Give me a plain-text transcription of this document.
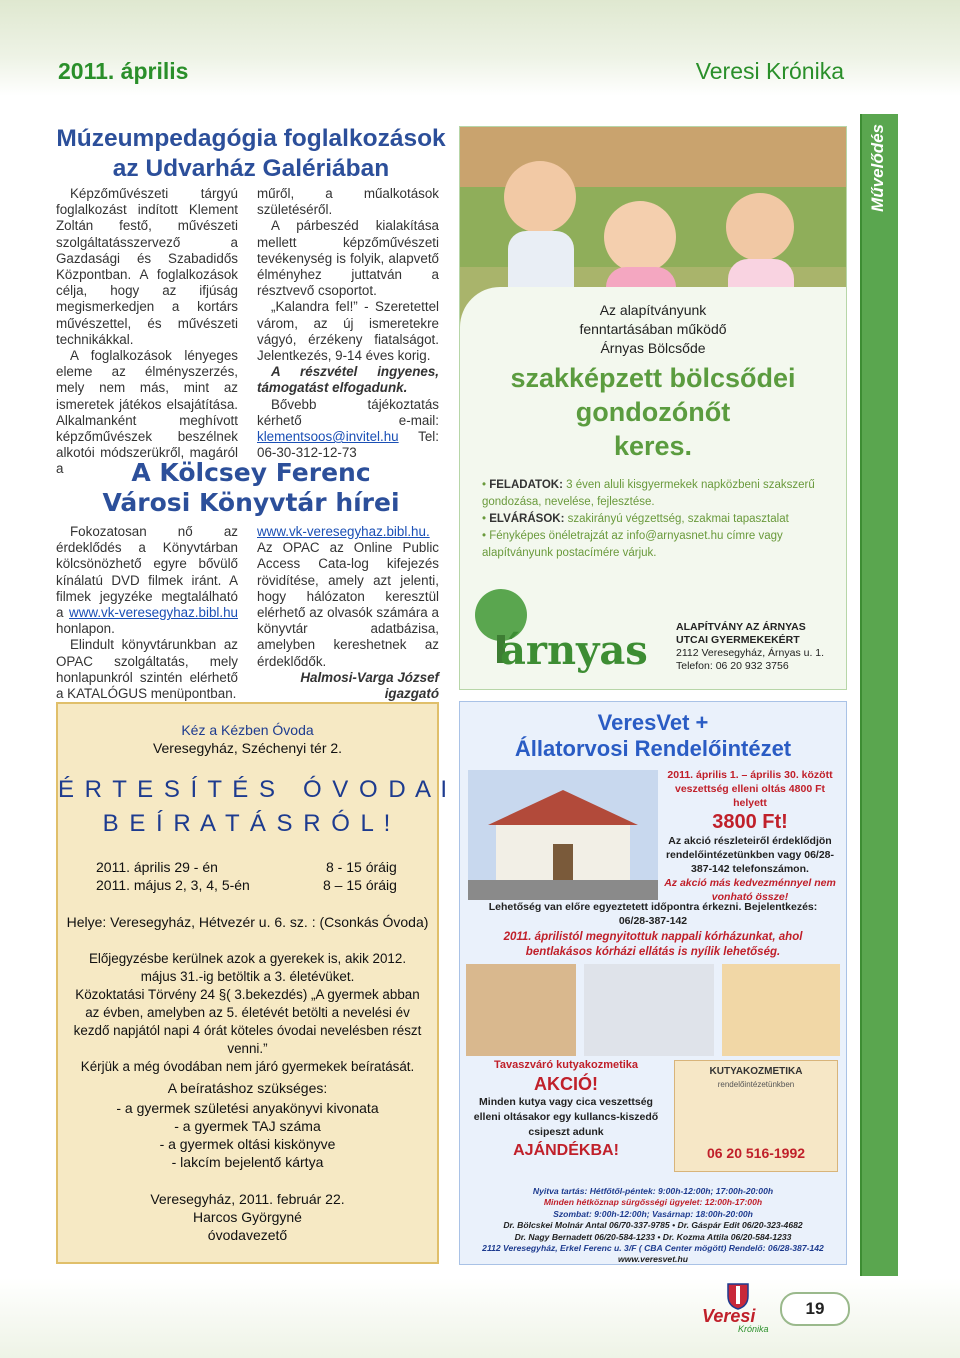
2011. április	Veresi Krónika
Művelődés
Múzeumpedagógia foglalkozások
az Udvarház Galériában

Képzőművészeti tárgyú foglalkozást indított Klement Zoltán festő, művészeti szolgáltatásszervező a Gazdasági és Szabadidős Központban. A foglalkozások célja, hogy az ifjúság megismerkedjen a kortárs művészettel, és művészeti technikákkal.

A foglalkozások lényeges eleme az élményszerzés, mely nem más, mint az ismeretek játékos elsajátítása. Alkalmanként meghívott képzőművészek beszélnek alkotói módszerükről, magáról a

műről, a műalkotások születéséről.

A párbeszéd kialakítása mellett képzőművészeti tevékenység is folyik, alapvető élményhez juttatván a résztvevő csoportot.

„Kalandra fel!” - Szeretettel várom, az új ismeretekre vágyó, érzékeny fiatalságot. Jelentkezés, 9-14 éves korig.

A részvétel ingyenes, támogatást elfogadunk.

Bővebb tájékoztatás kérhető e-mail: klementsoos@invitel.hu Tel: 06-30-312-12-73

A Kölcsey Ferenc
Városi Könyvtár hírei

Fokozatosan nő az érdeklődés a Könyvtárban kölcsönözhető egyre bővülő kínálatú DVD filmek iránt. A filmek jegyzéke megtalálható a www.vk-veresegyhaz.bibl.hu honlapon.

Elindult könyvtárunkban az OPAC szolgáltatás, mely honlapunkról szintén elérhető a KATALÓGUS menüpontban.

www.vk-veresegyhaz.bibl.hu.

Az OPAC az Online Public Access Cata-log kifejezés rövidítése, amely azt jelenti, hogy hálózaton keresztül elérhető az olvasók számára a könyvtár adatbázisa, amelyben kereshetnek az érdeklődők.

Halmosi-Varga József

igazgató

Az alapítványunk
fenntartásában működő
Árnyas Bölcsőde
szakképzett bölcsődei
gondozónőt
keres.
• FELADATOK: 3 éven aluli kisgyermekek napközbeni szakszerű gondozása, nevelése, fejlesztése.
• ELVÁRÁSOK: szakirányú végzettség, szakmai tapasztalat
• Fényképes önéletrajzát az info@arnyasnet.hu címre vagy alapítványunk postacímére várjuk.
árnyas	ALAPÍTVÁNY AZ ÁRNYAS
UTCAI GYERMEKEKÉRT
2112 Veresegyház, Árnyas u. 1.
Telefon: 06 20 932 3756
Kéz a Kézben Óvoda
Veresegyház, Széchenyi tér 2.
É R T E S Í T É S   Ó V O D A I
B E Í R A T Á S R Ó L !
2011. április 29 - én	8 - 15 óráig
2011. május 2, 3, 4, 5-én	8 – 15 óráig
Helye: Veresegyház, Hétvezér u. 6. sz. : (Csonkás Óvoda)
Előjegyzésbe kerülnek azok a gyerekek is, akik 2012. május 31.-ig betöltik a 3. életévüket.
Közoktatási Törvény 24 §( 3.bekezdés) „A gyermek abban az évben, amelyben az 5. életévét betölti a nevelési év kezdő napjától napi 4 órát köteles óvodai nevelésben részt venni.”
Kérjük a még óvodában nem járó gyermekek beíratását.
A beíratáshoz szükséges:
- a gyermek születési anyakönyvi kivonata
- a gyermek TAJ száma
- a gyermek oltási kiskönyve
- lakcím bejelentő kártya
Veresegyház, 2011. február 22.
Harcos Györgyné
óvodavezető
VeresVet +
Állatorvosi Rendelőintézet
2011. április 1. – április 30. között
veszettség elleni oltás 4800 Ft helyett
3800 Ft!
Az akció részleteiről érdeklődjön rendelőintézetünkben vagy 06/28-387-142 telefonszámon.
Az akció más kedvezménnyel nem vonható össze!
Lehetőség van előre egyeztetett időpontra érkezni. Bejelentkezés: 06/28-387-142
2011. áprilistól megnyitottuk nappali kórházunkat, ahol bentlakásos kórházi ellátás is nyílik lehetőség.
Tavaszváró kutyakozmetika
AKCIÓ!
Minden kutya vagy cica veszettség elleni oltásakor egy kullancs-kiszedő csipeszt adunk
AJÁNDÉKBA!
KUTYAKOZMETIKA
rendelőintézetünkben
06 20 516-1992
Nyitva tartás: Hétfőtől-péntek: 9:00h-12:00h; 17:00h-20:00h
Minden hétköznap sürgősségi ügyelet: 12:00h-17:00h
Szombat: 9:00h-12:00h; Vasárnap: 18:00h-20:00h
Dr. Bölcskei Molnár Antal 06/70-337-9785 • Dr. Gáspár Edit 06/20-323-4682
Dr. Nagy Bernadett 06/20-584-1233 • Dr. Kozma Attila 06/20-584-1233
2112 Veresegyház, Erkel Ferenc u. 3/F ( CBA Center mögött) Rendelő: 06/28-387-142
www.veresvet.hu
Veresi
Krónika
19
